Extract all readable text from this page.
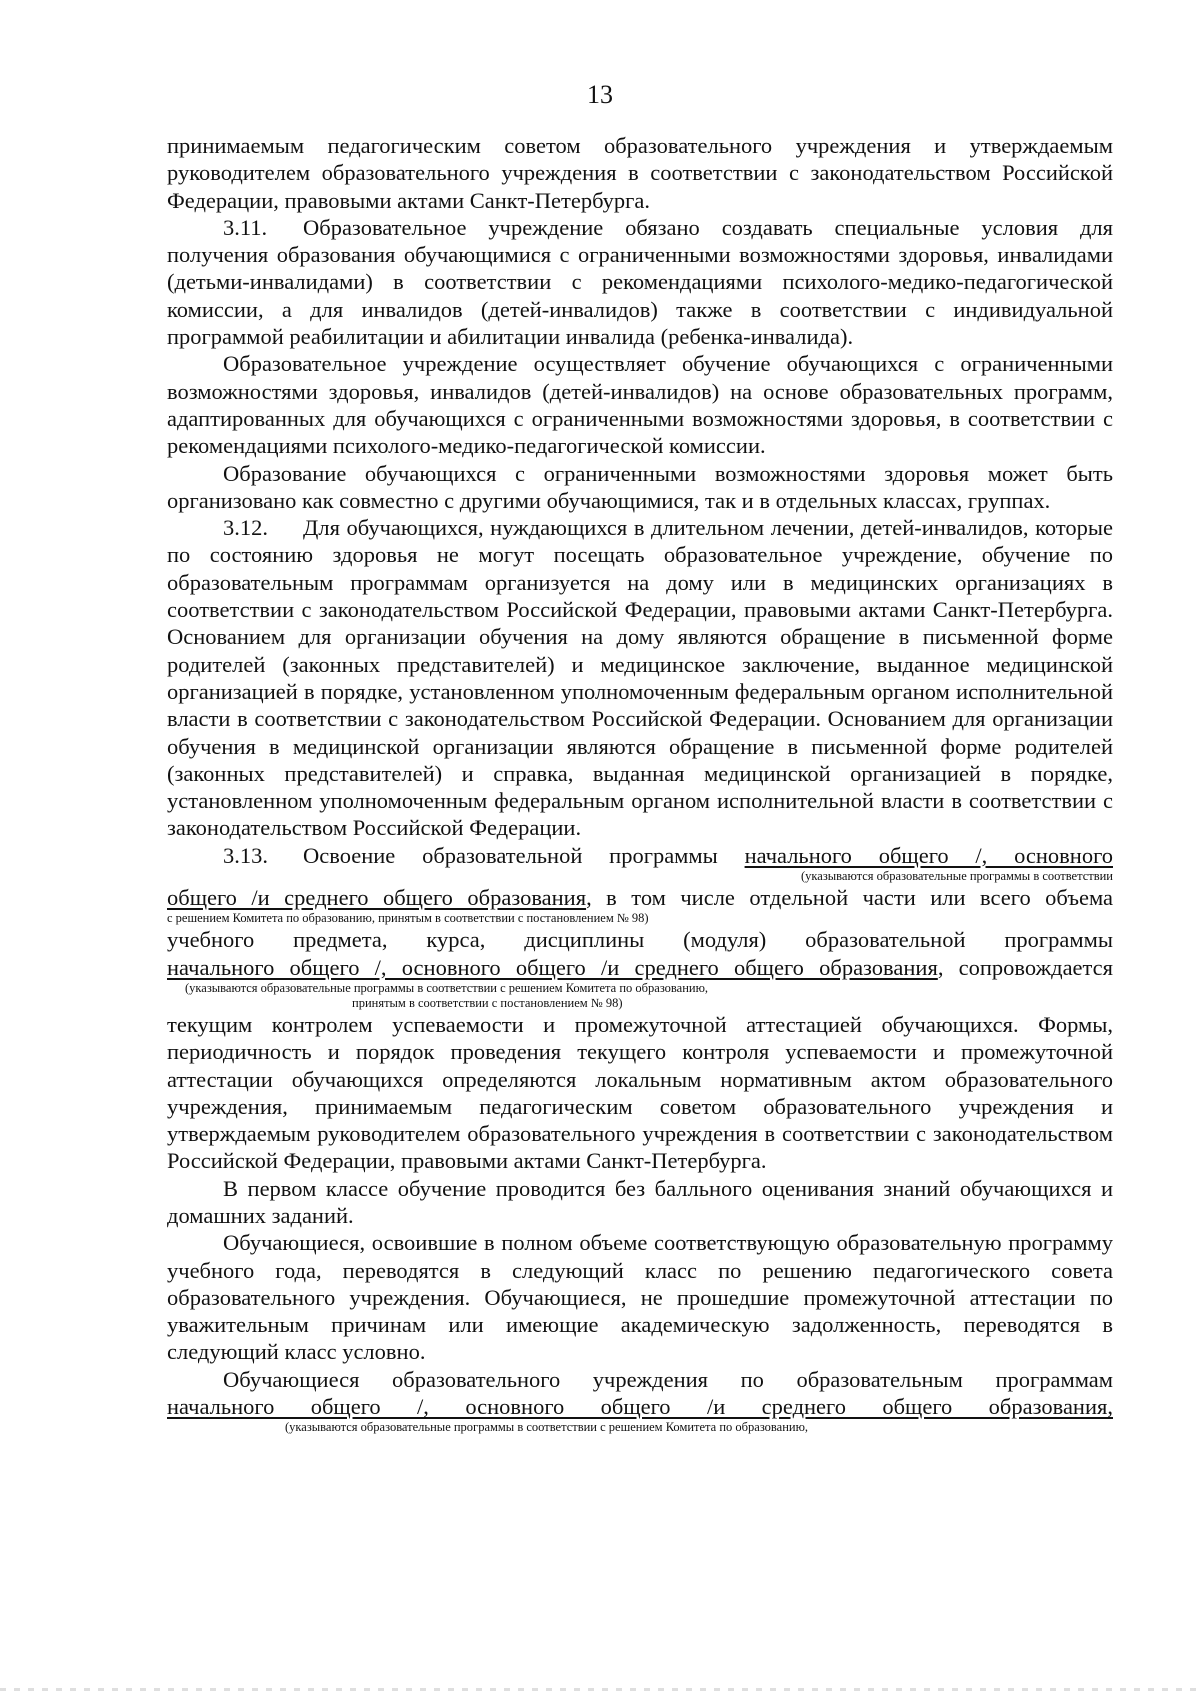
13

принимаемым педагогическим советом образовательного учреждения и утверждаемым руководителем образовательного учреждения в соответствии с законодательством Российской Федерации, правовыми актами Санкт-Петербурга.

3.11. Образовательное учреждение обязано создавать специальные условия для получения образования обучающимися с ограниченными возможностями здоровья, инвалидами (детьми-инвалидами) в соответствии с рекомендациями психолого-медико-педагогической комиссии, а для инвалидов (детей-инвалидов) также в соответствии с индивидуальной программой реабилитации и абилитации инвалида (ребенка-инвалида).

Образовательное учреждение осуществляет обучение обучающихся с ограниченными возможностями здоровья, инвалидов (детей-инвалидов) на основе образовательных программ, адаптированных для обучающихся с ограниченными возможностями здоровья, в соответствии с рекомендациями психолого-медико-педагогической комиссии.

Образование обучающихся с ограниченными возможностями здоровья может быть организовано как совместно с другими обучающимися, так и в отдельных классах, группах.

3.12. Для обучающихся, нуждающихся в длительном лечении, детей-инвалидов, которые по состоянию здоровья не могут посещать образовательное учреждение, обучение по образовательным программам организуется на дому или в медицинских организациях в соответствии с законодательством Российской Федерации, правовыми актами Санкт-Петербурга. Основанием для организации обучения на дому являются обращение в письменной форме родителей (законных представителей) и медицинское заключение, выданное медицинской организацией в порядке, установленном уполномоченным федеральным органом исполнительной власти в соответствии с законодательством Российской Федерации. Основанием для организации обучения в медицинской организации являются обращение в письменной форме родителей (законных представителей) и справка, выданная медицинской организацией в порядке, установленном уполномоченным федеральным органом исполнительной власти в соответствии с законодательством Российской Федерации.

3.13. Освоение образовательной программы начального общего /, основного

(указываются образовательные программы в соответствии

общего /и среднего общего образования, в том числе отдельной части или всего объема

с решением Комитета по образованию, принятым в соответствии с постановлением № 98)

учебного предмета, курса, дисциплины (модуля) образовательной программы

начального общего /, основного общего /и среднего общего образования, сопровождается

(указываются образовательные программы в соответствии с решением Комитета по образованию,
принятым в соответствии с постановлением № 98)

текущим контролем успеваемости и промежуточной аттестацией обучающихся. Формы, периодичность и порядок проведения текущего контроля успеваемости и промежуточной аттестации обучающихся определяются локальным нормативным актом образовательного учреждения, принимаемым педагогическим советом образовательного учреждения и утверждаемым руководителем образовательного учреждения в соответствии с законодательством Российской Федерации, правовыми актами Санкт-Петербурга.

В первом классе обучение проводится без балльного оценивания знаний обучающихся и домашних заданий.

Обучающиеся, освоившие в полном объеме соответствующую образовательную программу учебного года, переводятся в следующий класс по решению педагогического совета образовательного учреждения. Обучающиеся, не прошедшие промежуточной аттестации по уважительным причинам или имеющие академическую задолженность, переводятся в следующий класс условно.

Обучающиеся образовательного учреждения по образовательным программам

начального общего /, основного общего /и среднего общего образования,

(указываются образовательные программы в соответствии с решением Комитета по образованию,
